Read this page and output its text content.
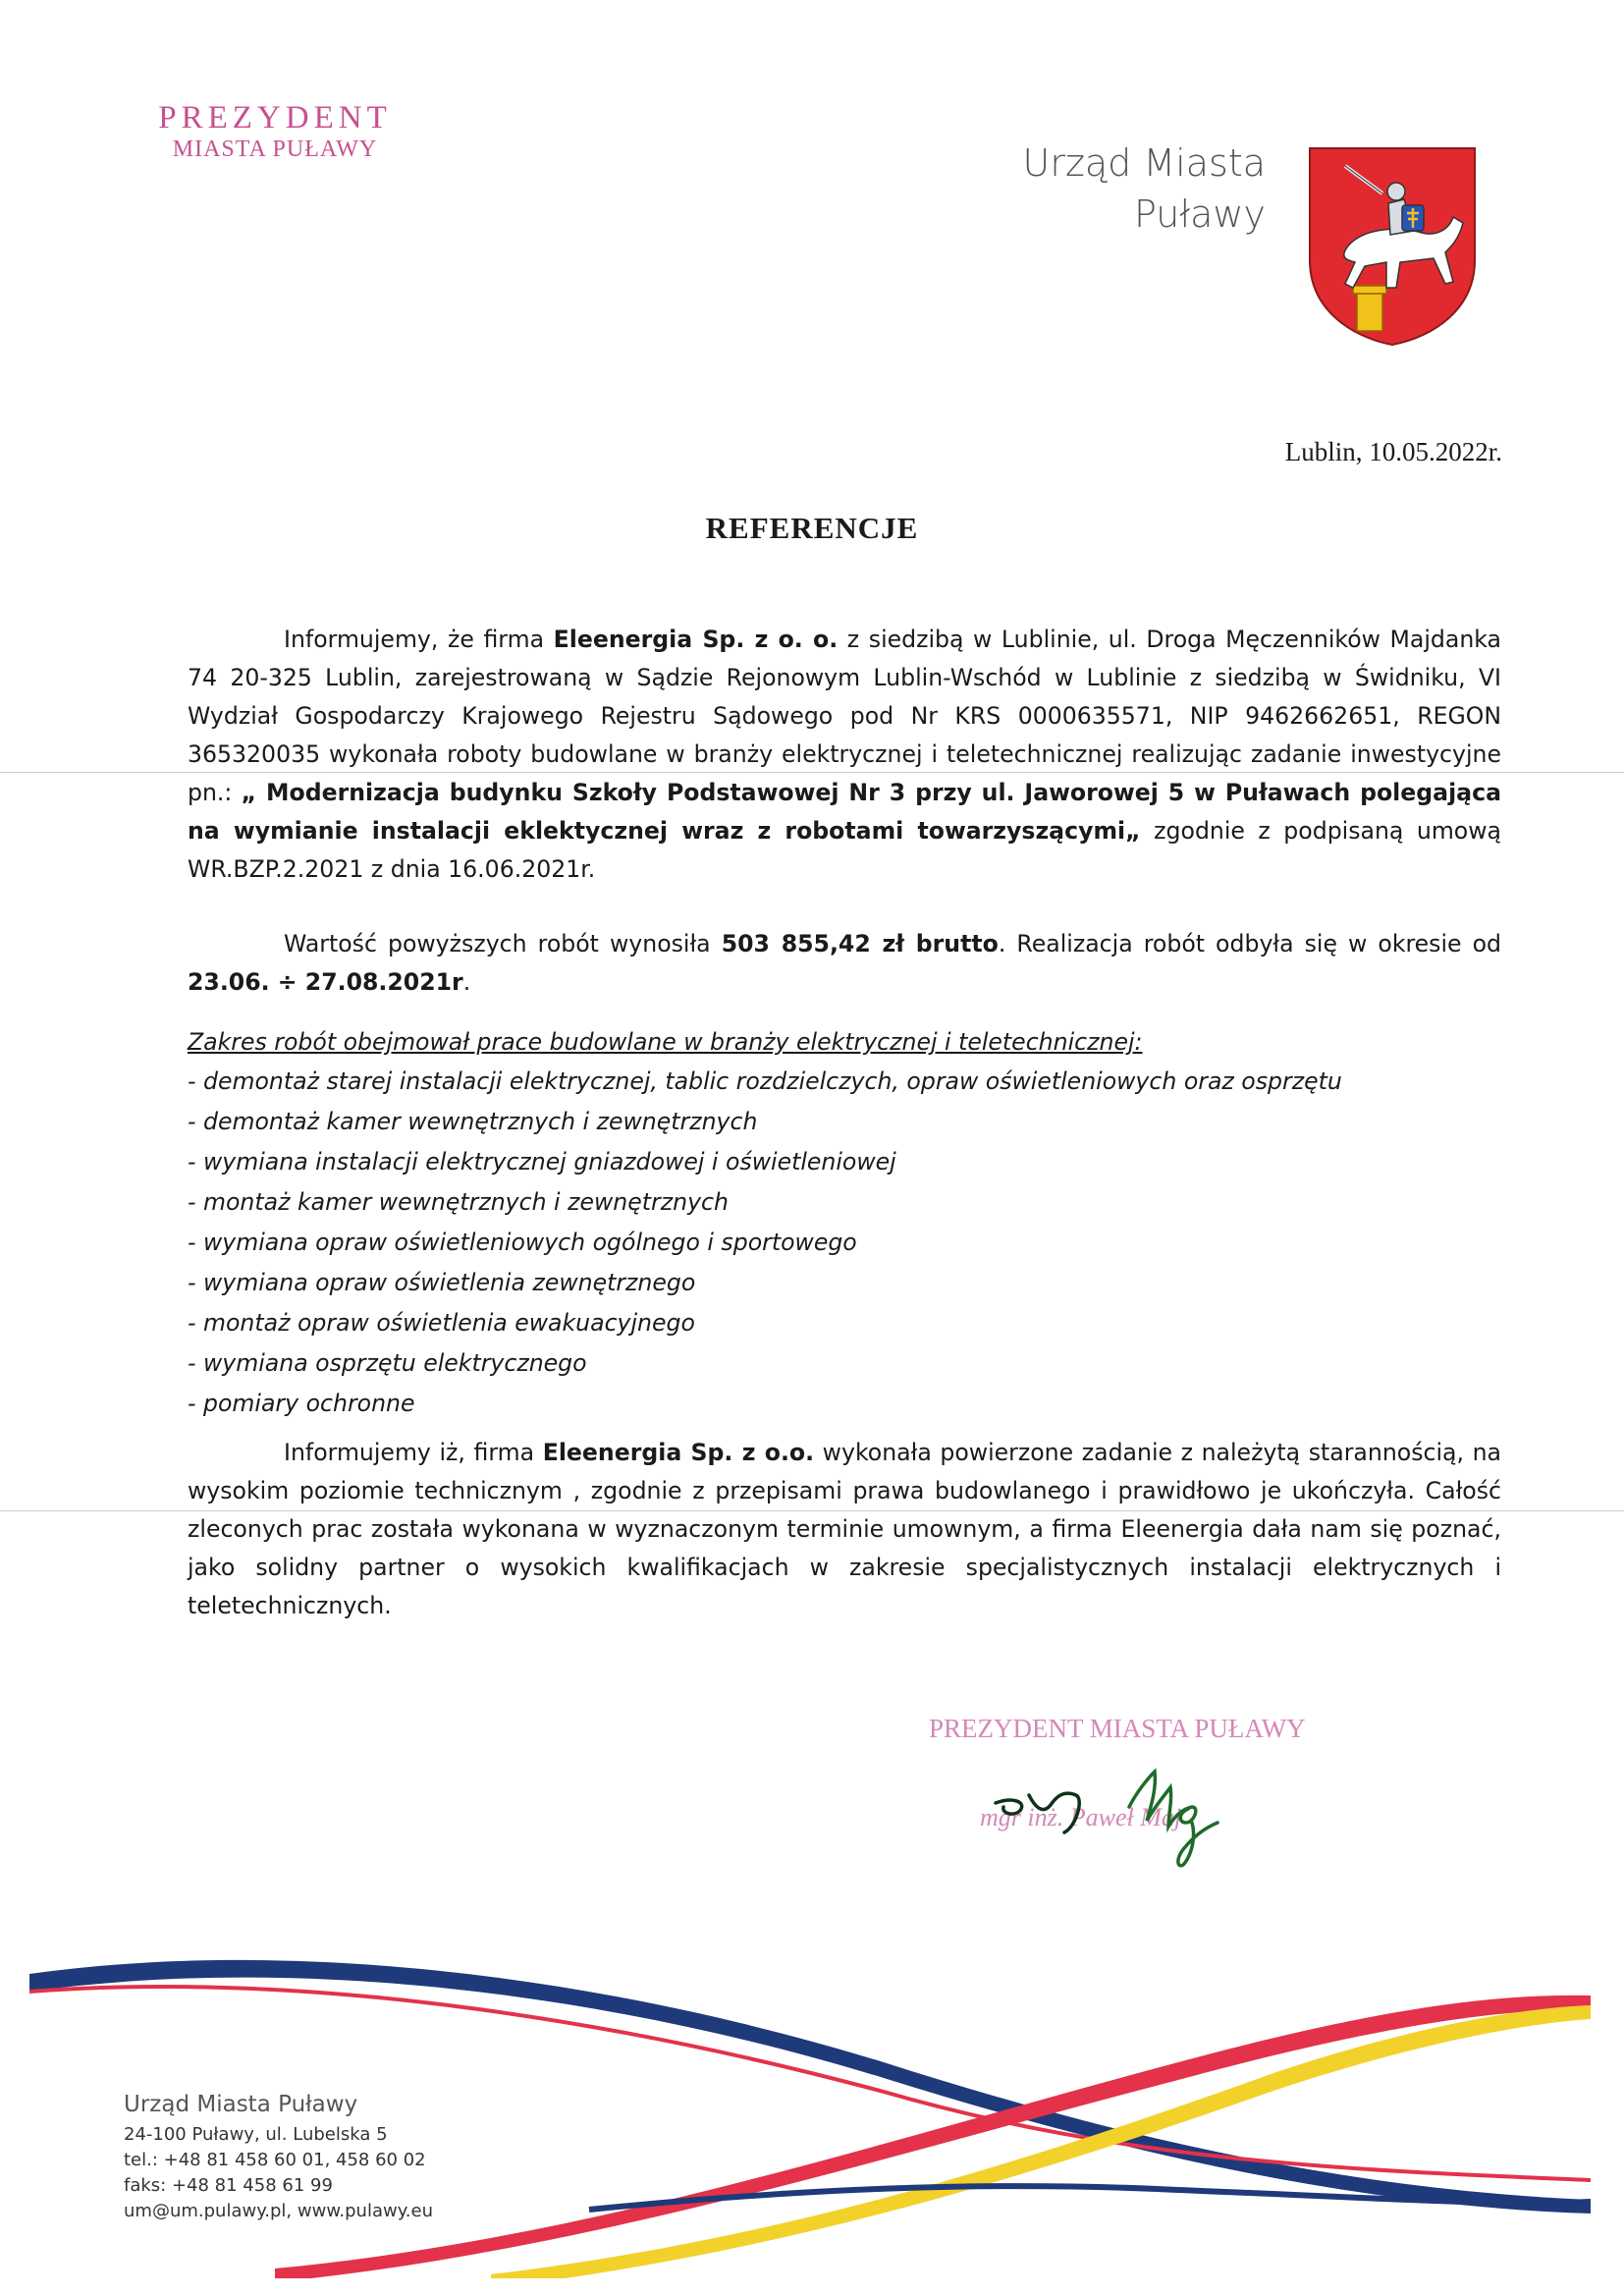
PREZYDENT
MIASTA PUŁAWY	Urząd Miasta
Puławy
Lublin, 10.05.2022r.
REFERENCJE

Informujemy, że firma Eleenergia Sp. z o. o. z siedzibą w Lublinie, ul. Droga Męczenników Majdanka 74 20-325 Lublin, zarejestrowaną w Sądzie Rejonowym Lublin-Wschód w Lublinie z siedzibą w Świdniku, VI Wydział Gospodarczy Krajowego Rejestru Sądowego pod Nr KRS 0000635571, NIP 9462662651, REGON 365320035 wykonała roboty budowlane w branży elektrycznej i teletechnicznej realizując zadanie inwestycyjne pn.: „ Modernizacja budynku Szkoły Podstawowej Nr 3 przy ul. Jaworowej 5 w Puławach polegająca na wymianie instalacji eklektycznej wraz z robotami towarzyszącymi„ zgodnie z podpisaną umową WR.BZP.2.2021 z dnia 16.06.2021r.

Wartość powyższych robót wynosiła 503 855,42 zł brutto. Realizacja robót odbyła się w okresie od 23.06. ÷ 27.08.2021r.

Zakres robót obejmował prace budowlane w branży elektrycznej i teletechnicznej:
- demontaż starej instalacji elektrycznej, tablic rozdzielczych, opraw oświetleniowych oraz osprzętu
- demontaż kamer wewnętrznych i zewnętrznych
- wymiana instalacji elektrycznej gniazdowej i oświetleniowej
- montaż kamer wewnętrznych i zewnętrznych
- wymiana opraw oświetleniowych ogólnego i sportowego
- wymiana opraw oświetlenia zewnętrznego
- montaż opraw oświetlenia ewakuacyjnego
- wymiana osprzętu elektrycznego
- pomiary ochronne

Informujemy iż, firma Eleenergia Sp. z o.o. wykonała powierzone zadanie z należytą starannością, na wysokim poziomie technicznym , zgodnie z przepisami prawa budowlanego i prawidłowo je ukończyła. Całość zleconych prac została wykonana w wyznaczonym terminie umownym, a firma Eleenergia dała nam się poznać, jako solidny partner o wysokich kwalifikacjach w zakresie specjalistycznych instalacji elektrycznych i teletechnicznych.

PREZYDENT MIASTA PUŁAWY
mgr inż. Paweł Maj
Urząd Miasta Puławy
24-100 Puławy, ul. Lubelska 5
tel.: +48 81 458 60 01, 458 60 02
faks: +48 81 458 61 99
um@um.pulawy.pl, www.pulawy.eu
